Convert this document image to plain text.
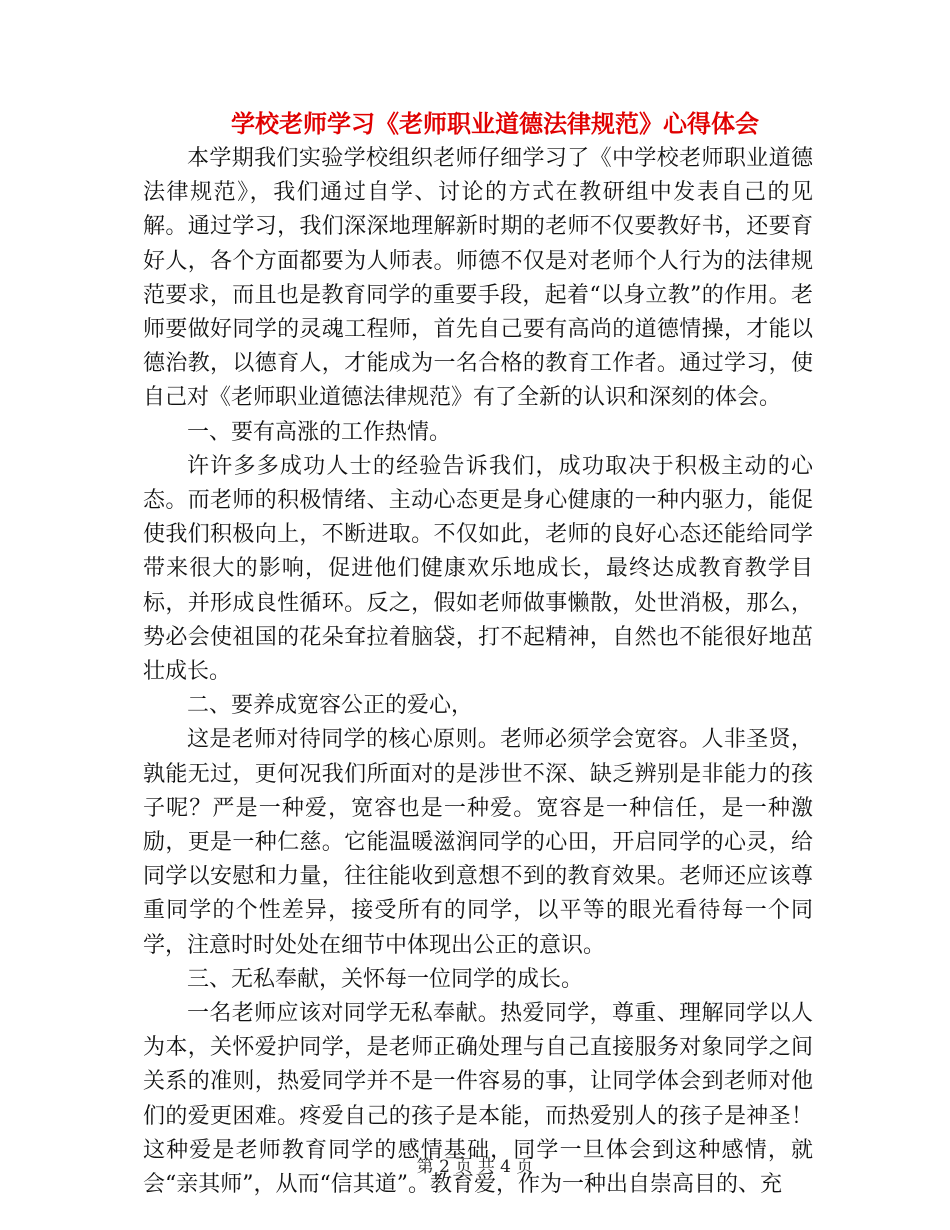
学校老师学习《老师职业道德法律规范》心得体会

本学期我们实验学校组织老师仔细学习了《中学校老师职业道德法律规范》，我们通过自学、讨论的方式在教研组中发表自己的见解。通过学习，我们深深地理解新时期的老师不仅要教好书，还要育好人，各个方面都要为人师表。师德不仅是对老师个人行为的法律规范要求，而且也是教育同学的重要手段，起着“以身立教”的作用。老师要做好同学的灵魂工程师，首先自己要有高尚的道德情操，才能以德治教，以德育人，才能成为一名合格的教育工作者。通过学习，使自己对《老师职业道德法律规范》有了全新的认识和深刻的体会。

一、要有高涨的工作热情。

许许多多成功人士的经验告诉我们，成功取决于积极主动的心态。而老师的积极情绪、主动心态更是身心健康的一种内驱力，能促使我们积极向上，不断进取。不仅如此，老师的良好心态还能给同学带来很大的影响，促进他们健康欢乐地成长，最终达成教育教学目标，并形成良性循环。反之，假如老师做事懒散，处世消极，那么，势必会使祖国的花朵耷拉着脑袋，打不起精神，自然也不能很好地茁壮成长。

二、要养成宽容公正的爱心，

这是老师对待同学的核心原则。老师必须学会宽容。人非圣贤，孰能无过，更何况我们所面对的是涉世不深、缺乏辨别是非能力的孩子呢？严是一种爱，宽容也是一种爱。宽容是一种信任，是一种激励，更是一种仁慈。它能温暖滋润同学的心田，开启同学的心灵，给同学以安慰和力量，往往能收到意想不到的教育效果。老师还应该尊重同学的个性差异，接受所有的同学，以平等的眼光看待每一个同学，注意时时处处在细节中体现出公正的意识。

三、无私奉献，关怀每一位同学的成长。

一名老师应该对同学无私奉献。热爱同学，尊重、理解同学以人为本，关怀爱护同学，是老师正确处理与自己直接服务对象同学之间关系的准则，热爱同学并不是一件容易的事，让同学体会到老师对他们的爱更困难。疼爱自己的孩子是本能，而热爱别人的孩子是神圣！这种爱是老师教育同学的感情基础，同学一旦体会到这种感情，就会“亲其师”，从而“信其道”。教育爱，作为一种出自崇高目的、充

第 2 页 共 4 页
